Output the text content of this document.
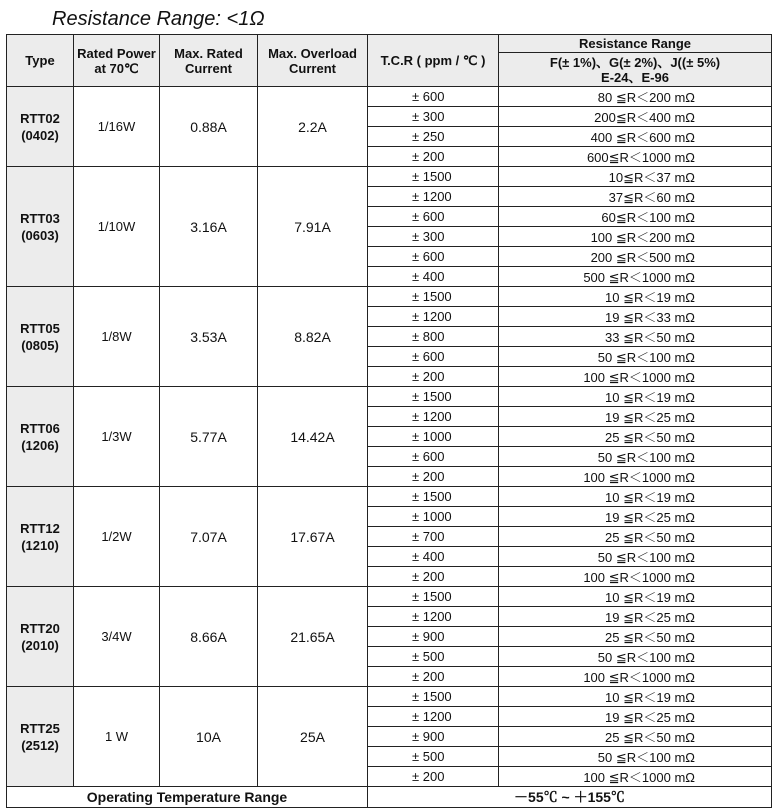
Resistance Range: <1Ω
Type	Rated Power at 70℃	Max. Rated Current	Max. Overload Current	T.C.R ( ppm / ℃ )	Resistance Range

					F(± 1%)、G(± 2%)、J((± 5%)
E-24、E-96

RTT02
(0402)	1/16W	0.88A	2.2A	± 600	80 ≦R＜200 mΩ
				± 300	200≦R＜400 mΩ
				± 250	400 ≦R＜600 mΩ
				± 200	600≦R＜1000 mΩ

RTT03
(0603)	1/10W	3.16A	7.91A	± 1500	10≦R＜37 mΩ
				± 1200	37≦R＜60 mΩ
				± 600	60≦R＜100 mΩ
				± 300	100 ≦R＜200 mΩ
				± 600	200 ≦R＜500 mΩ
				± 400	500 ≦R＜1000 mΩ

RTT05
(0805)	1/8W	3.53A	8.82A	± 1500	10 ≦R＜19 mΩ
				± 1200	19 ≦R＜33 mΩ
				± 800	33 ≦R＜50 mΩ
				± 600	50 ≦R＜100 mΩ
				± 200	100 ≦R＜1000 mΩ

RTT06
(1206)	1/3W	5.77A	14.42A	± 1500	10 ≦R＜19 mΩ
				± 1200	19 ≦R＜25 mΩ
				± 1000	25 ≦R＜50 mΩ
				± 600	50 ≦R＜100 mΩ
				± 200	100 ≦R＜1000 mΩ

RTT12
(1210)	1/2W	7.07A	17.67A	± 1500	10 ≦R＜19 mΩ
				± 1000	19 ≦R＜25 mΩ
				± 700	25 ≦R＜50 mΩ
				± 400	50 ≦R＜100 mΩ
				± 200	100 ≦R＜1000 mΩ

RTT20
(2010)	3/4W	8.66A	21.65A	± 1500	10 ≦R＜19 mΩ
				± 1200	19 ≦R＜25 mΩ
				± 900	25 ≦R＜50 mΩ
				± 500	50 ≦R＜100 mΩ
				± 200	100 ≦R＜1000 mΩ

RTT25
(2512)	1 W	10A	25A	± 1500	10 ≦R＜19 mΩ
				± 1200	19 ≦R＜25 mΩ
				± 900	25 ≦R＜50 mΩ
				± 500	50 ≦R＜100 mΩ
				± 200	100 ≦R＜1000 mΩ
Operating Temperature Range				－55℃ ~ ＋155℃	
